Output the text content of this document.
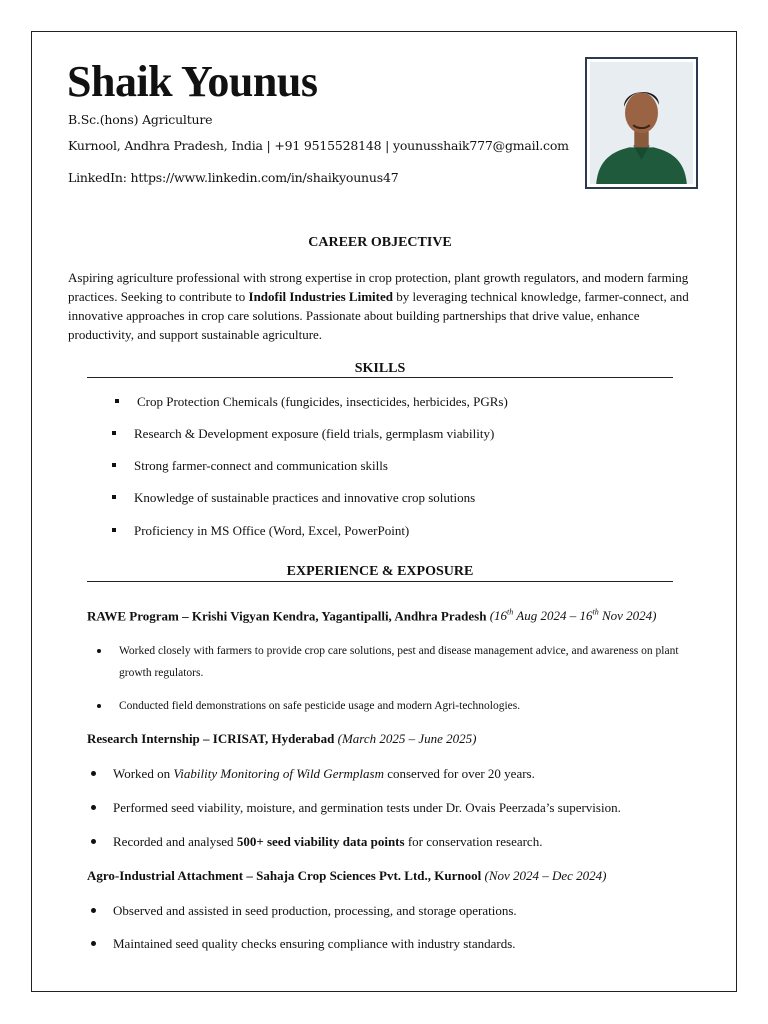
Shaik Younus
B.Sc.(hons) Agriculture
Kurnool, Andhra Pradesh, India | +91 9515528148 | younusshaik777@gmail.com
LinkedIn: https://www.linkedin.com/in/shaikyounus47
CAREER OBJECTIVE

Aspiring agriculture professional with strong expertise in crop protection, plant growth regulators, and modern farming practices. Seeking to contribute to Indofil Industries Limited by leveraging technical knowledge, farmer-connect, and innovative approaches in crop care solutions. Passionate about building partnerships that drive value, enhance productivity, and support sustainable agriculture.

SKILLS
Crop Protection Chemicals (fungicides, insecticides, herbicides, PGRs)
Research & Development exposure (field trials, germplasm viability)
Strong farmer-connect and communication skills
Knowledge of sustainable practices and innovative crop solutions
Proficiency in MS Office (Word, Excel, PowerPoint)
EXPERIENCE & EXPOSURE
RAWE Program – Krishi Vigyan Kendra, Yagantipalli, Andhra Pradesh (16th Aug 2024 – 16th Nov 2024)
Worked closely with farmers to provide crop care solutions, pest and disease management advice, and awareness on plant growth regulators.
Conducted field demonstrations on safe pesticide usage and modern Agri-technologies.
Research Internship – ICRISAT, Hyderabad (March 2025 – June 2025)
Worked on Viability Monitoring of Wild Germplasm conserved for over 20 years.
Performed seed viability, moisture, and germination tests under Dr. Ovais Peerzada’s supervision.
Recorded and analysed 500+ seed viability data points for conservation research.
Agro-Industrial Attachment – Sahaja Crop Sciences Pvt. Ltd., Kurnool (Nov 2024 – Dec 2024)
Observed and assisted in seed production, processing, and storage operations.
Maintained seed quality checks ensuring compliance with industry standards.
